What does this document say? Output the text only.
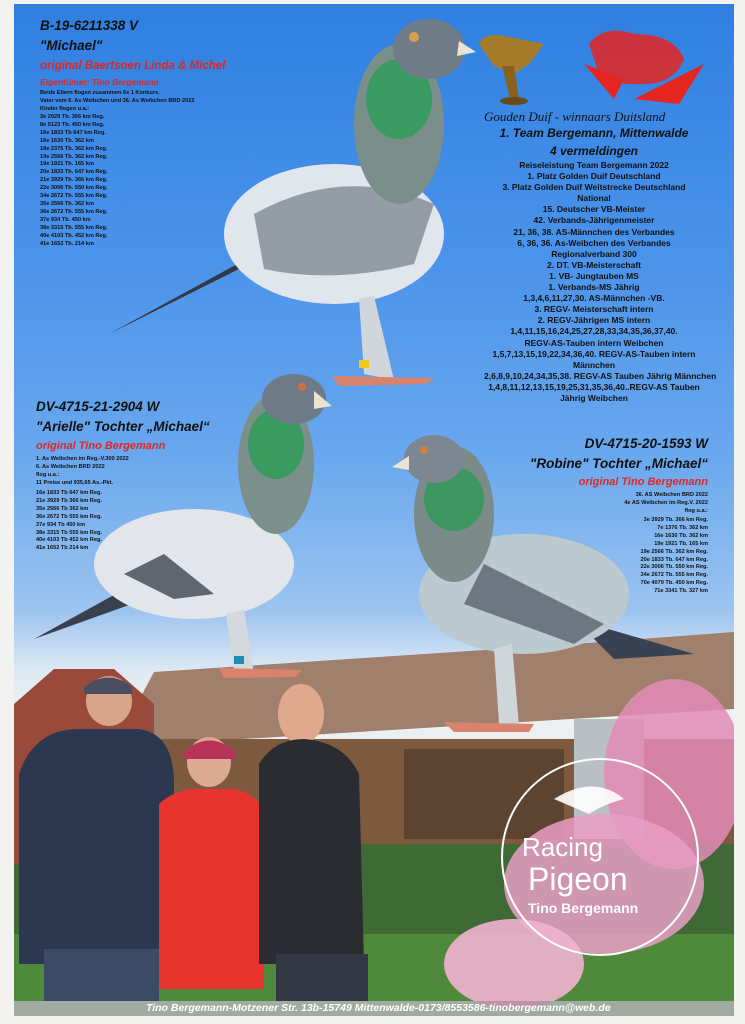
B-19-6211338 V
"Michael"
original Baertsoen Linda & Michel
Eigentümer: Tino Bergemann
Beide Eltern flogen zusammen 6x 1 Konkurs.
Vater vom 6. As Weibchen und 36. As Weibchen BRD 2022
Kinder flogen u.a.:
3e 2929 Tb. 366 km Reg.
8e 5123 Tb. 450 km Reg.
16e 1833 Tb 647 km Reg.
16e 1630 Tb. 362 km
18e 2375 Tb. 362 km Reg.
19e 2566 Tb. 362 km Reg.
19e 1921 Tb. 165 km
20e 1833 Tb. 647 km Reg.
21e 3929 Tb. 366 km Reg.
22e 3006 Tb. 550 km Reg.
34e 2672 Tb. 555 km Reg.
35e 2566 Tb. 362 km
36e 2672 Tb. 555 km Reg.
37e 934 Tb. 450 km
38e 3315 Tb. 555 km Reg.
40e 4103 Tb. 452 km Reg.
41e 1652 Tb. 214 km
Gouden Duif - winnaars Duitsland
1. Team Bergemann, Mittenwalde
4 vermeldingen
Reiseleistung Team Bergemann 2022
1. Platz Golden Duif Deutschland
3. Platz Golden Duif Weitstrecke Deutschland
National
15. Deutscher VB-Meister
42. Verbands-Jährigenmeister
21, 36, 38. AS-Männchen des Verbandes
6, 36, 36. As-Weibchen des Verbandes
Regionalverband 300
2. DT. VB-Meisterschaft
1. VB- Jungtauben MS
1. Verbands-MS Jährig
1,3,4,6,11,27,30. AS-Männchen -VB.
3. REGV- Meisterschaft intern
2. REGV-Jährigen MS intern
1,4,11,15,16,24,25,27,28,33,34,35,36,37,40.
REGV-AS-Tauben intern Weibchen
1,5,7,13,15,19,22,34,36,40. REGV-AS-Tauben intern
Männchen
2,6,8,9,10,24,34,35,38. REGV-AS Tauben Jährig Männchen
1,4,8,11,12,13,15,19,25,31,35,36,40..REGV-AS Tauben
Jährig Weibchen
DV-4715-21-2904 W
"Arielle" Tochter „Michael“
original Tino Bergemann
1. As Weibchen im Reg.-V.300 2022
6. As Weibchen BRD 2022
flog u.a.:
11 Preise und 935,65 As.-Pkt.
16e 1833 Tb 647 km Reg.
21e 3929 Tb 366 km Reg.
35e 2566 Tb 362 km
36e 2672 Tb 555 km Reg.
37e 934 Tb 450 km
38e 3315 Tb 555 km Reg.
40e 4103 Tb 452 km Reg.
41e 1652 Tb 214 km
DV-4715-20-1593 W
"Robine" Tochter „Michael“
original Tino Bergemann
36. AS Weibchen BRD 2022
4e AS Weibchen im Reg.V. 2022
flog u.a.:
3e 3929 Tb. 366 km Reg.
7e 1376 Tb. 362 km
16e 1630 Tb. 362 km
19e 1921 Tb. 165 km
19e 2566 Tb. 362 km Reg.
20e 1833 Tb. 647 km Reg.
22e 3006 Tb. 550 km Reg.
34e 2672 Tb. 555 km Reg.
70e 4079 Tb. 450 km Reg.
71e 3341 Tb. 327 km
Racing
Pigeon
Tino Bergemann
Tino Bergemann-Motzener Str. 13b-15749 Mittenwalde-0173/8553586-tinobergemann@web.de
